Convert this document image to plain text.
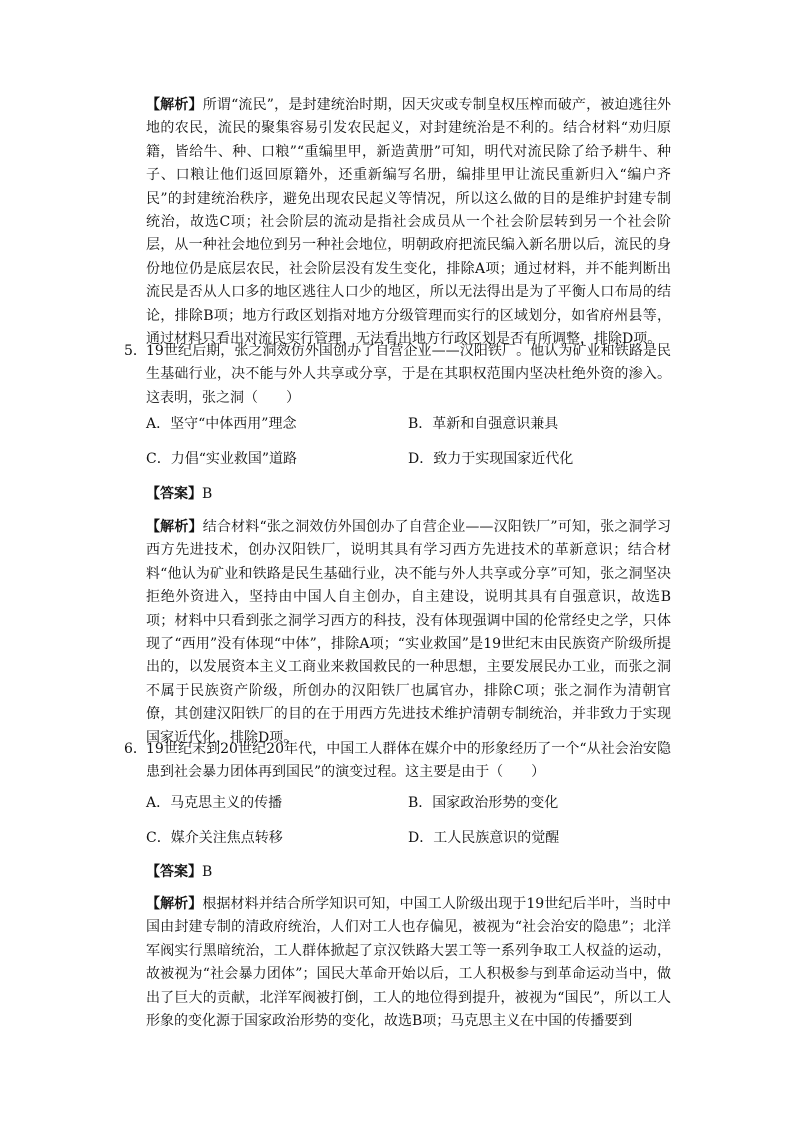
【解析】所谓“流民”，是封建统治时期，因天灾或专制皇权压榨而破产，被迫逃往外地的农民，流民的聚集容易引发农民起义，对封建统治是不利的。结合材料“劝归原籍，皆给牛、种、口粮”“重编里甲，新造黄册”可知，明代对流民除了给予耕牛、种子、口粮让他们返回原籍外，还重新编写名册，编排里甲让流民重新归入“编户齐民”的封建统治秩序，避免出现农民起义等情况，所以这么做的目的是维护封建专制统治，故选C项；社会阶层的流动是指社会成员从一个社会阶层转到另一个社会阶层，从一种社会地位到另一种社会地位，明朝政府把流民编入新名册以后，流民的身份地位仍是底层农民，社会阶层没有发生变化，排除A项；通过材料，并不能判断出流民是否从人口多的地区逃往人口少的地区，所以无法得出是为了平衡人口布局的结论，排除B项；地方行政区划指对地方分级管理而实行的区域划分，如省府州县等，通过材料只看出对流民实行管理，无法看出地方行政区划是否有所调整，排除D项。

5． 19世纪后期，张之洞效仿外国创办了自营企业——汉阳铁厂。他认为矿业和铁路是民生基础行业，决不能与外人共享或分享，于是在其职权范围内坚决杜绝外资的渗入。这表明，张之洞（　　）

A．坚守“中体西用”理念	B．革新和自强意识兼具
C．力倡“实业救国”道路	D．致力于实现国家近代化
【答案】B

【解析】结合材料“张之洞效仿外国创办了自营企业——汉阳铁厂”可知，张之洞学习西方先进技术，创办汉阳铁厂，说明其具有学习西方先进技术的革新意识；结合材料“他认为矿业和铁路是民生基础行业，决不能与外人共享或分享”可知，张之洞坚决拒绝外资进入，坚持由中国人自主创办，自主建设，说明其具有自强意识，故选B项；材料中只看到张之洞学习西方的科技，没有体现强调中国的伦常经史之学，只体现了“西用”没有体现“中体”，排除A项；“实业救国”是19世纪末由民族资产阶级所提出的，以发展资本主义工商业来救国救民的一种思想，主要发展民办工业，而张之洞不属于民族资产阶级，所创办的汉阳铁厂也属官办，排除C项；张之洞作为清朝官僚，其创建汉阳铁厂的目的在于用西方先进技术维护清朝专制统治，并非致力于实现国家近代化，排除D项。

6． 19世纪末到20世纪20年代，中国工人群体在媒介中的形象经历了一个“从社会治安隐患到社会暴力团体再到国民”的演变过程。这主要是由于（　　）

A．马克思主义的传播	B．国家政治形势的变化
C．媒介关注焦点转移	D．工人民族意识的觉醒
【答案】B

【解析】根据材料并结合所学知识可知，中国工人阶级出现于19世纪后半叶，当时中国由封建专制的清政府统治，人们对工人也存偏见，被视为“社会治安的隐患”；北洋军阀实行黑暗统治，工人群体掀起了京汉铁路大罢工等一系列争取工人权益的运动，故被视为“社会暴力团体”；国民大革命开始以后，工人积极参与到革命运动当中，做出了巨大的贡献，北洋军阀被打倒，工人的地位得到提升，被视为“国民”，所以工人形象的变化源于国家政治形势的变化，故选B项；马克思主义在中国的传播要到
